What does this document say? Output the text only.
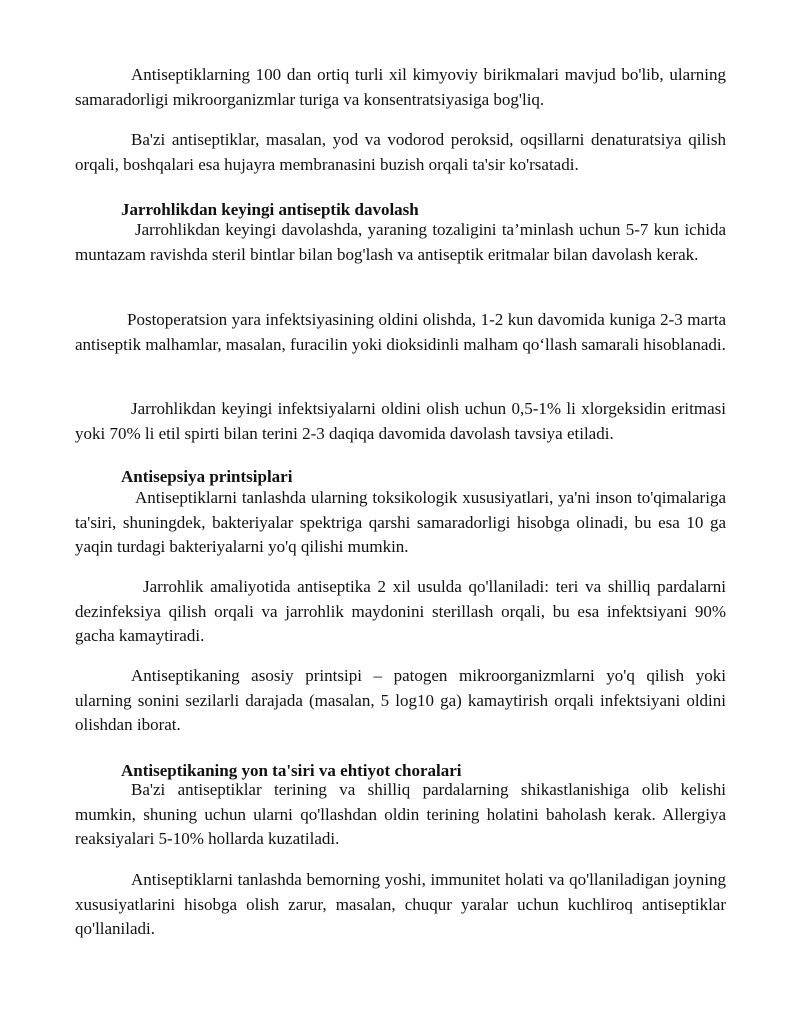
Antiseptiklarning 100 dan ortiq turli xil kimyoviy birikmalari mavjud bo'lib, ularning samaradorligi mikroorganizmlar turiga va konsentratsiyasiga bog'liq.

Ba'zi antiseptiklar, masalan, yod va vodorod peroksid, oqsillarni denaturatsiya qilish orqali, boshqalari esa hujayra membranasini buzish orqali ta'sir ko'rsatadi.

Jarrohlikdan keyingi antiseptik davolash

Jarrohlikdan keyingi davolashda, yaraning tozaligini ta’minlash uchun 5-7 kun ichida muntazam ravishda steril bintlar bilan bog'lash va antiseptik eritmalar bilan davolash kerak.

Postoperatsion yara infektsiyasining oldini olishda, 1-2 kun davomida kuniga 2-3 marta antiseptik malhamlar, masalan, furacilin yoki dioksidinli malham qo‘llash samarali hisoblanadi.

Jarrohlikdan keyingi infektsiyalarni oldini olish uchun 0,5-1% li xlorgeksidin eritmasi yoki 70% li etil spirti bilan terini 2-3 daqiqa davomida davolash tavsiya etiladi.

Antisepsiya printsiplari

Antiseptiklarni tanlashda ularning toksikologik xususiyatlari, ya'ni inson to'qimalariga ta'siri, shuningdek, bakteriyalar spektriga qarshi samaradorligi hisobga olinadi, bu esa 10 ga yaqin turdagi bakteriyalarni yo'q qilishi mumkin.

Jarrohlik amaliyotida antiseptika 2 xil usulda qo'llaniladi: teri va shilliq pardalarni dezinfeksiya qilish orqali va jarrohlik maydonini sterillash orqali, bu esa infektsiyani 90% gacha kamaytiradi.

Antiseptikaning asosiy printsipi – patogen mikroorganizmlarni yo'q qilish yoki ularning sonini sezilarli darajada (masalan, 5 log10 ga) kamaytirish orqali infektsiyani oldini olishdan iborat.

Antiseptikaning yon ta'siri va ehtiyot choralari

Ba'zi antiseptiklar terining va shilliq pardalarning shikastlanishiga olib kelishi mumkin, shuning uchun ularni qo'llashdan oldin terining holatini baholash kerak. Allergiya reaksiyalari 5-10% hollarda kuzatiladi.

Antiseptiklarni tanlashda bemorning yoshi, immunitet holati va qo'llaniladigan joyning xususiyatlarini hisobga olish zarur, masalan, chuqur yaralar uchun kuchliroq antiseptiklar qo'llaniladi.
